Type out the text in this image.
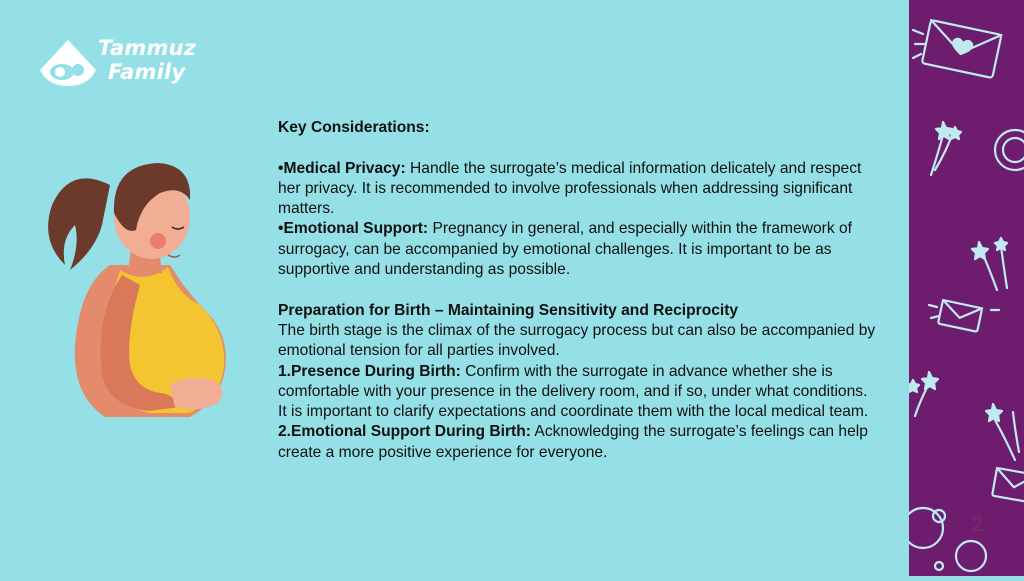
Tammuz
Family

Key Considerations:

•Medical Privacy: Handle the surrogate’s medical information delicately and respect her privacy. It is recommended to involve professionals when addressing significant matters.

•Emotional Support: Pregnancy in general, and especially within the framework of surrogacy, can be accompanied by emotional challenges. It is important to be as supportive and understanding as possible.

Preparation for Birth – Maintaining Sensitivity and Reciprocity

The birth stage is the climax of the surrogacy process but can also be accompanied by emotional tension for all parties involved.

1.Presence During Birth: Confirm with the surrogate in advance whether she is comfortable with your presence in the delivery room, and if so, under what conditions. It is important to clarify expectations and coordinate them with the local medical team.

2.Emotional Support During Birth: Acknowledging the surrogate’s feelings can help create a more positive experience for everyone.

2
